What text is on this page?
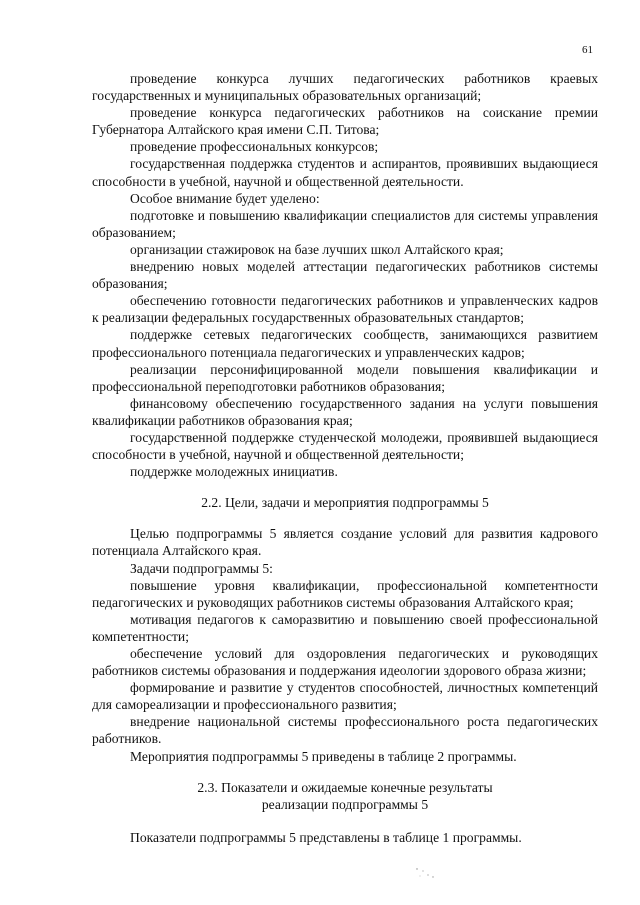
61

проведение конкурса лучших педагогических работников краевых государственных и муниципальных образовательных организаций;

проведение конкурса педагогических работников на соискание премии Губернатора Алтайского края имени С.П. Титова;

проведение профессиональных конкурсов;

государственная поддержка студентов и аспирантов, проявивших выдающиеся способности в учебной, научной и общественной деятельности.

Особое внимание будет уделено:

подготовке и повышению квалификации специалистов для системы управления образованием;

организации стажировок на базе лучших школ Алтайского края;

внедрению новых моделей аттестации педагогических работников системы образования;

обеспечению готовности педагогических работников и управленческих кадров к реализации федеральных государственных образовательных стандартов;

поддержке сетевых педагогических сообществ, занимающихся развитием профессионального потенциала педагогических и управленческих кадров;

реализации персонифицированной модели повышения квалификации и профессиональной переподготовки работников образования;

финансовому обеспечению государственного задания на услуги повышения квалификации работников образования края;

государственной поддержке студенческой молодежи, проявившей выдающиеся способности в учебной, научной и общественной деятельности;

поддержке молодежных инициатив.

2.2. Цели, задачи и мероприятия подпрограммы 5

Целью подпрограммы 5 является создание условий для развития кадрового потенциала Алтайского края.

Задачи подпрограммы 5:

повышение уровня квалификации, профессиональной компетентности педагогических и руководящих работников системы образования Алтайского края;

мотивация педагогов к саморазвитию и повышению своей профессиональной компетентности;

обеспечение условий для оздоровления педагогических и руководящих работников системы образования и поддержания идеологии здорового образа жизни;

формирование и развитие у студентов способностей, личностных компетенций для самореализации и профессионального развития;

внедрение национальной системы профессионального роста педагогических работников.

Мероприятия подпрограммы 5 приведены в таблице 2 программы.

2.3. Показатели и ожидаемые конечные результаты

реализации подпрограммы 5

Показатели подпрограммы 5 представлены в таблице 1 программы.
